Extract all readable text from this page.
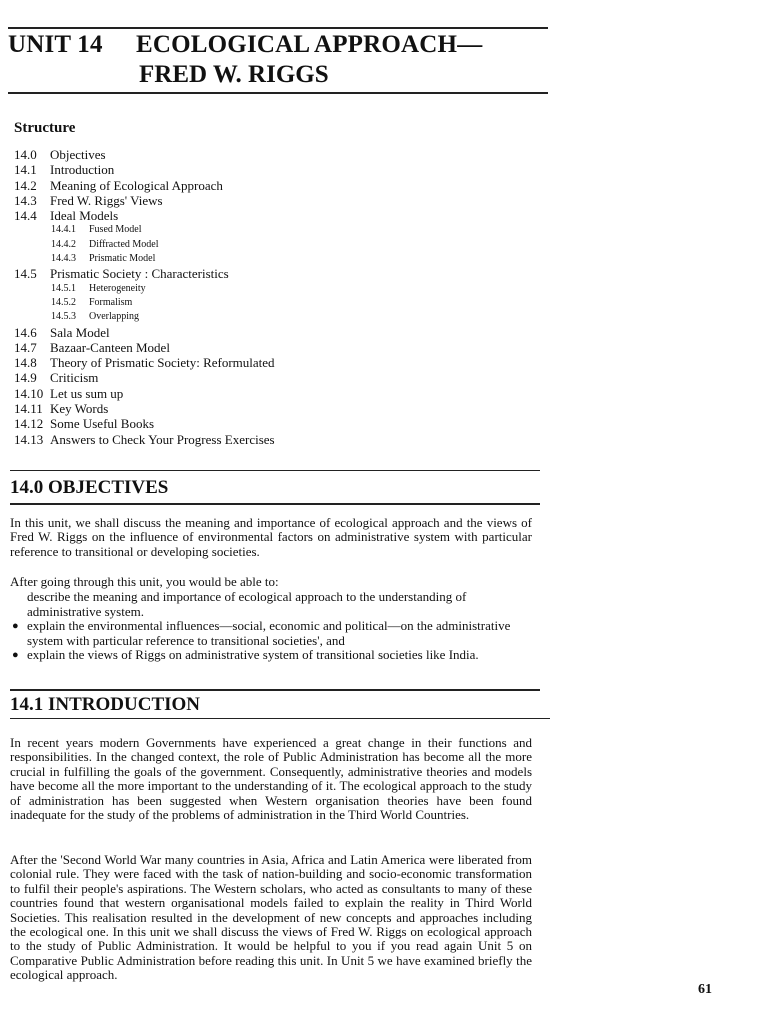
UNIT 14 ECOLOGICAL APPROACH—
FRED W. RIGGS
Structure
14.0 Objectives
14.1 Introduction
14.2 Meaning of Ecological Approach
14.3 Fred W. Riggs' Views
14.4 Ideal Models
14.4.1 Fused Model
14.4.2 Diffracted Model
14.4.3 Prismatic Model
14.5 Prismatic Society : Characteristics
14.5.1 Heterogeneity
14.5.2 Formalism
14.5.3 Overlapping
14.6 Sala Model
14.7 Bazaar-Canteen Model
14.8 Theory of Prismatic Society: Reformulated
14.9 Criticism
14.10 Let us sum up
14.11 Key Words
14.12 Some Useful Books
14.13 Answers to Check Your Progress Exercises
14.0 OBJECTIVES

In this unit, we shall discuss the meaning and importance of ecological approach and the views of Fred W. Riggs on the influence of environmental factors on administrative system with particular reference to transitional or developing societies.

After going through this unit, you would be able to:

describe the meaning and importance of ecological approach to the understanding of administrative system.
● explain the environmental influences—social, economic and political—on the administrative system with particular reference to transitional societies', and
● explain the views of Riggs on administrative system of transitional societies like India.
14.1 INTRODUCTION

In recent years modern Governments have experienced a great change in their functions and responsibilities. In the changed context, the role of Public Administration has become all the more crucial in fulfilling the goals of the government. Consequently, administrative theories and models have become all the more important to the understanding of it. The ecological approach to the study of administration has been suggested when Western organisation theories have been found inadequate for the study of the problems of administration in the Third World Countries.

After the 'Second World War many countries in Asia, Africa and Latin America were liberated from colonial rule. They were faced with the task of nation-building and socio-economic transformation to fulfil their people's aspirations. The Western scholars, who acted as consultants to many of these countries found that western organisational models failed to explain the reality in Third World Societies. This realisation resulted in the development of new concepts and approaches including the ecological one. In this unit we shall discuss the views of Fred W. Riggs on ecological approach to the study of Public Administration. It would be helpful to you if you read again Unit 5 on Comparative Public Administration before reading this unit. In Unit 5 we have examined briefly the ecological approach.

61
